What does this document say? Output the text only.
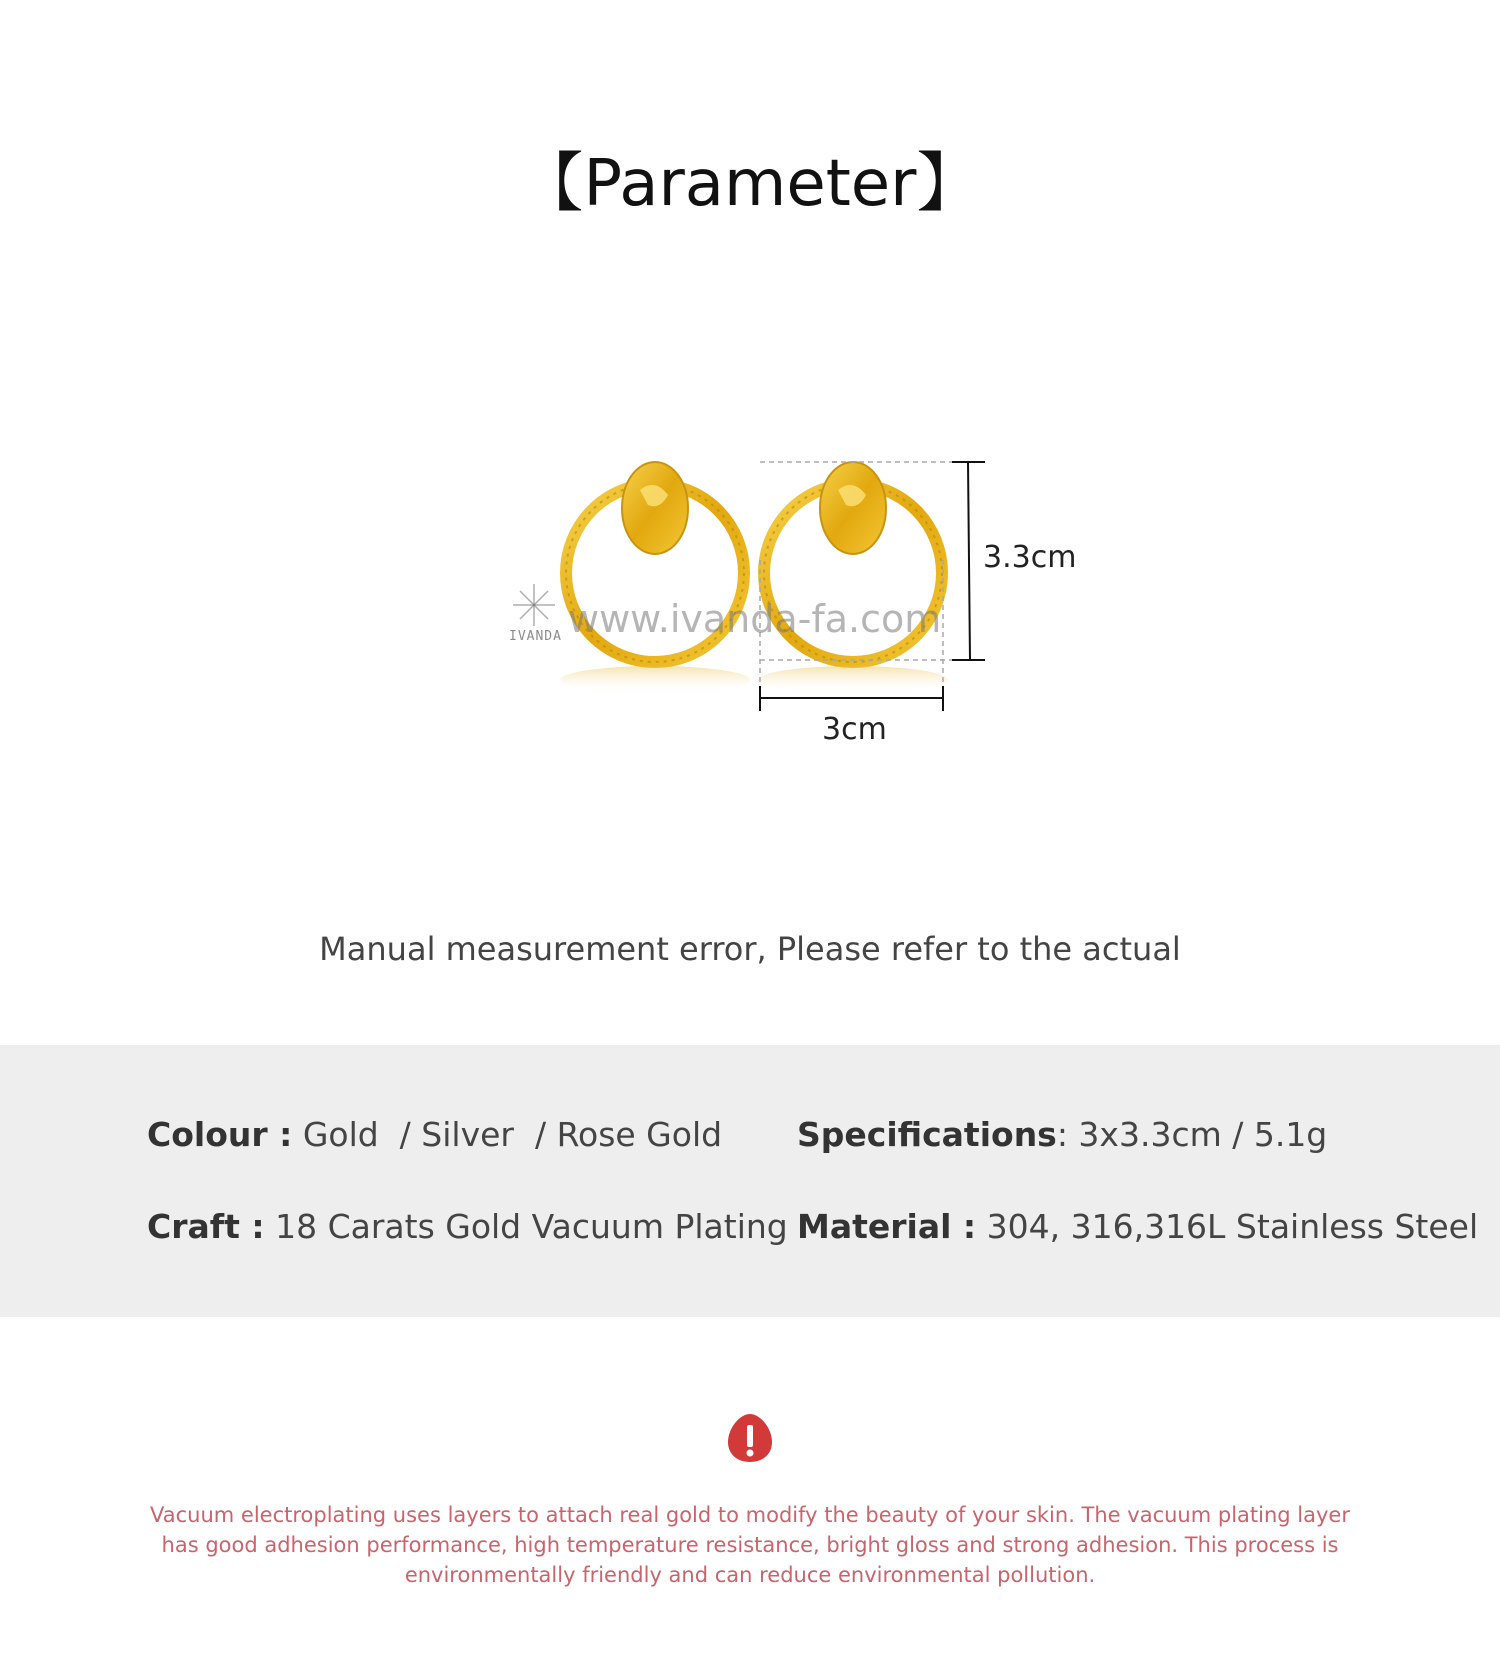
【Parameter】
www.ivanda-fa.com
IVANDA
3.3cm
3cm
Manual measurement error, Please refer to the actual
Colour : Gold  / Silver  / Rose Gold Specifications: 3x3.3cm / 5.1g
Craft : 18 Carats Gold Vacuum Plating Material : 304, 316,316L Stainless Steel
Vacuum electroplating uses layers to attach real gold to modify the beauty of your skin. The vacuum plating layer has good adhesion performance, high temperature resistance, bright gloss and strong adhesion. This process is environmentally friendly and can reduce environmental pollution.
